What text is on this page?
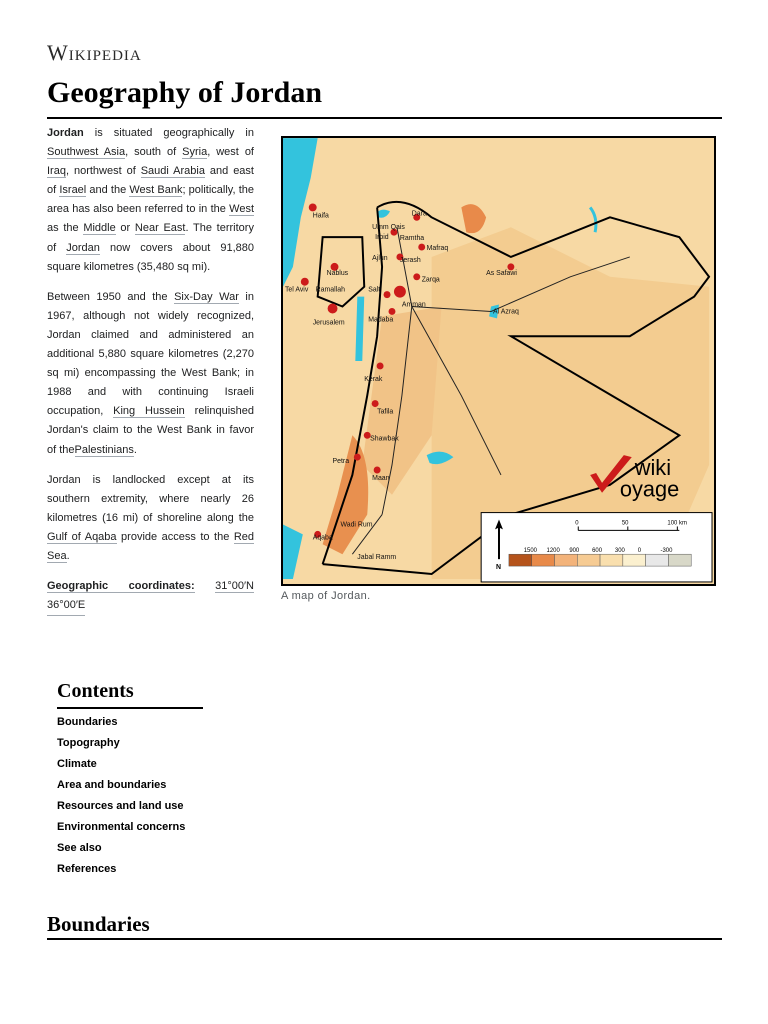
Wikipedia
Geography of Jordan

Jordan is situated geographically in Southwest Asia, south of Syria, west of Iraq, northwest of Saudi Arabia and east of Israel and the West Bank; politically, the area has also been referred to in the West as the Middle or Near East. The territory of Jordan now covers about 91,880 square kilometres (35,480 sq mi).

Between 1950 and the Six-Day War in 1967, although not widely recognized, Jordan claimed and administered an additional 5,880 square kilometres (2,270 sq mi) encompassing the West Bank; in 1988 and with continuing Israeli occupation, King Hussein relinquished Jordan's claim to the West Bank in favor of thePalestinians.

Jordan is landlocked except at its southern extremity, where nearly 26 kilometres (16 mi) of shoreline along the Gulf of Aqaba provide access to the Red Sea.

Geographic coordinates: 31°00′N
36°00′E

Haifa	Dara
Umm Qais
Irbid Ramtha
Mafraq
Ajlun Jerash
Zarqa
Nablus
Tel Aviv Ramallah	Salt
Amman
As Safawi
Al Azraq
Jerusalem	Madaba
Kerak
Tafila
Shawbak
Petra
Maan
Wadi Rum
Aqaba
Jabal Ramm
wiki
oyage
N
0	50	100 km
1500 1200 900 600 300 0	-300
A map of Jordan.
Contents
Boundaries
Topography
Climate
Area and boundaries
Resources and land use
Environmental concerns
See also
References
Boundaries
